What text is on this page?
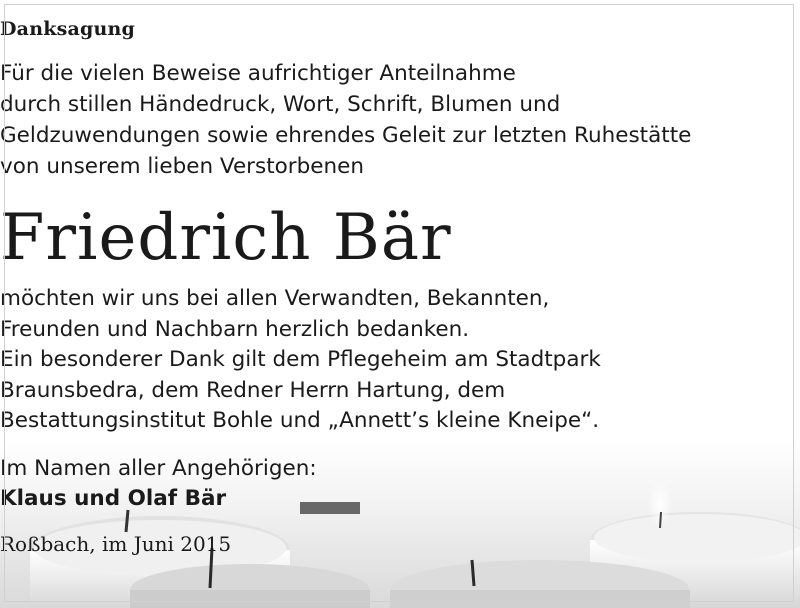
Danksagung
Für die vielen Beweise aufrichtiger Anteilnahme
durch stillen Händedruck, Wort, Schrift, Blumen und
Geldzuwendungen sowie ehrendes Geleit zur letzten Ruhestätte
von unserem lieben Verstorbenen
Friedrich Bär
möchten wir uns bei allen Verwandten, Bekannten,
Freunden und Nachbarn herzlich bedanken.
Ein besonderer Dank gilt dem Pflegeheim am Stadtpark
Braunsbedra, dem Redner Herrn Hartung, dem
Bestattungsinstitut Bohle und „Annett’s kleine Kneipe“.
Im Namen aller Angehörigen:
Klaus und Olaf Bär
Roßbach, im Juni 2015
